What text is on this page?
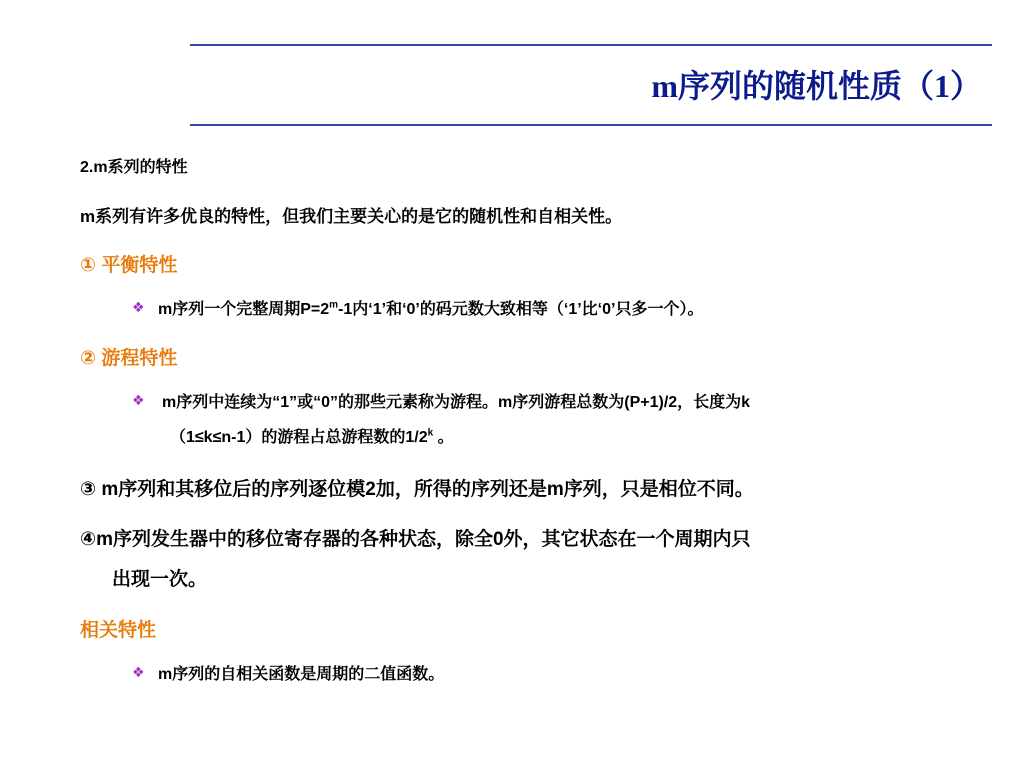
m序列的随机性质（1）
2.m系列的特性
m系列有许多优良的特性，但我们主要关心的是它的随机性和自相关性。
① 平衡特性
❖ m序列一个完整周期$P=2^m-1$内‘1’和‘0’的码元数大致相等（‘1’比‘0’只多一个）。
② 游程特性
❖ m序列中连续为“1”或“0”的那些元素称为游程。m序列游程总数为(P+1)/2，长度为k
（1≤k≤n-1）的游程占总游程数的1/2$^k$ 。
③ m序列和其移位后的序列逐位模2加，所得的序列还是m序列，只是相位不同。
④m序列发生器中的移位寄存器的各种状态，除全0外，其它状态在一个周期内只
出现一次。
相关特性
❖ m序列的自相关函数是周期的二值函数。
